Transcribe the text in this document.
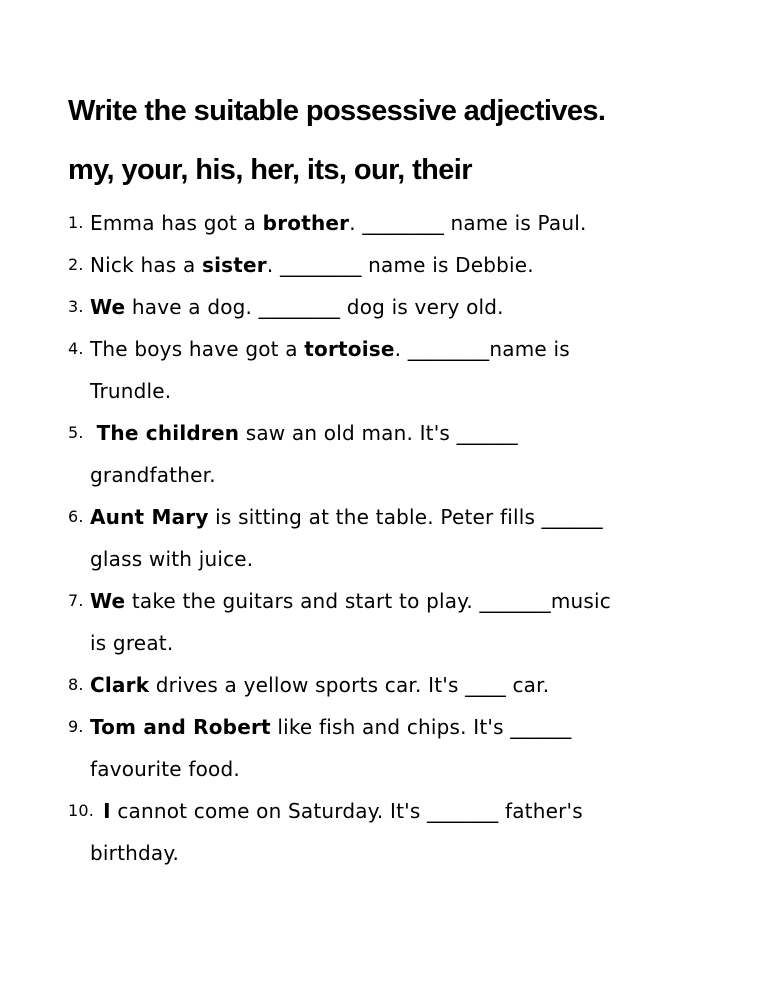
Write the suitable possessive adjectives.
my, your, his, her, its, our, their
1. Emma has got a brother. ________ name is Paul.
2. Nick has a sister. ________ name is Debbie.
3. We have a dog. ________ dog is very old.
4. The boys have got a tortoise. ________name is
Trundle.
5. The children saw an old man. It's ______
grandfather.
6. Aunt Mary is sitting at the table. Peter fills ______
glass with juice.
7. We take the guitars and start to play. _______music
is great.
8. Clark drives a yellow sports car. It's ____ car.
9. Tom and Robert like fish and chips. It's ______
favourite food.
10. I cannot come on Saturday. It's _______ father's
birthday.
